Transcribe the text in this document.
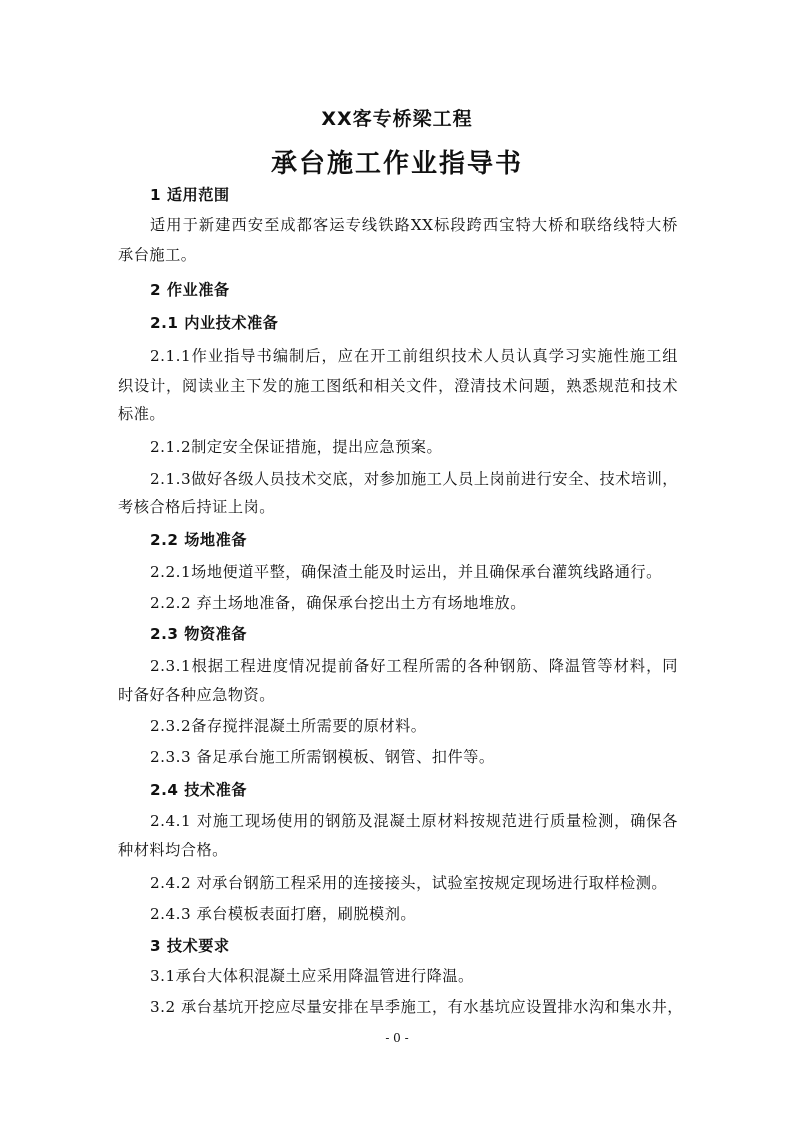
XX客专桥梁工程
承台施工作业指导书
1 适用范围
适用于新建西安至成都客运专线铁路XX标段跨西宝特大桥和联络线特大桥
承台施工。
2 作业准备
2.1 内业技术准备
2.1.1作业指导书编制后，应在开工前组织技术人员认真学习实施性施工组
织设计，阅读业主下发的施工图纸和相关文件，澄清技术问题，熟悉规范和技术
标准。
2.1.2制定安全保证措施，提出应急预案。
2.1.3做好各级人员技术交底，对参加施工人员上岗前进行安全、技术培训，
考核合格后持证上岗。
2.2 场地准备
2.2.1场地便道平整，确保渣土能及时运出，并且确保承台灌筑线路通行。
2.2.2 弃土场地准备，确保承台挖出土方有场地堆放。
2.3 物资准备
2.3.1根据工程进度情况提前备好工程所需的各种钢筋、降温管等材料，同
时备好各种应急物资。
2.3.2备存搅拌混凝土所需要的原材料。
2.3.3 备足承台施工所需钢模板、钢管、扣件等。
2.4 技术准备
2.4.1 对施工现场使用的钢筋及混凝土原材料按规范进行质量检测，确保各
种材料均合格。
2.4.2 对承台钢筋工程采用的连接接头，试验室按规定现场进行取样检测。
2.4.3 承台模板表面打磨，刷脱模剂。
3 技术要求
3.1承台大体积混凝土应采用降温管进行降温。
3.2 承台基坑开挖应尽量安排在旱季施工，有水基坑应设置排水沟和集水井，
- 0 -
